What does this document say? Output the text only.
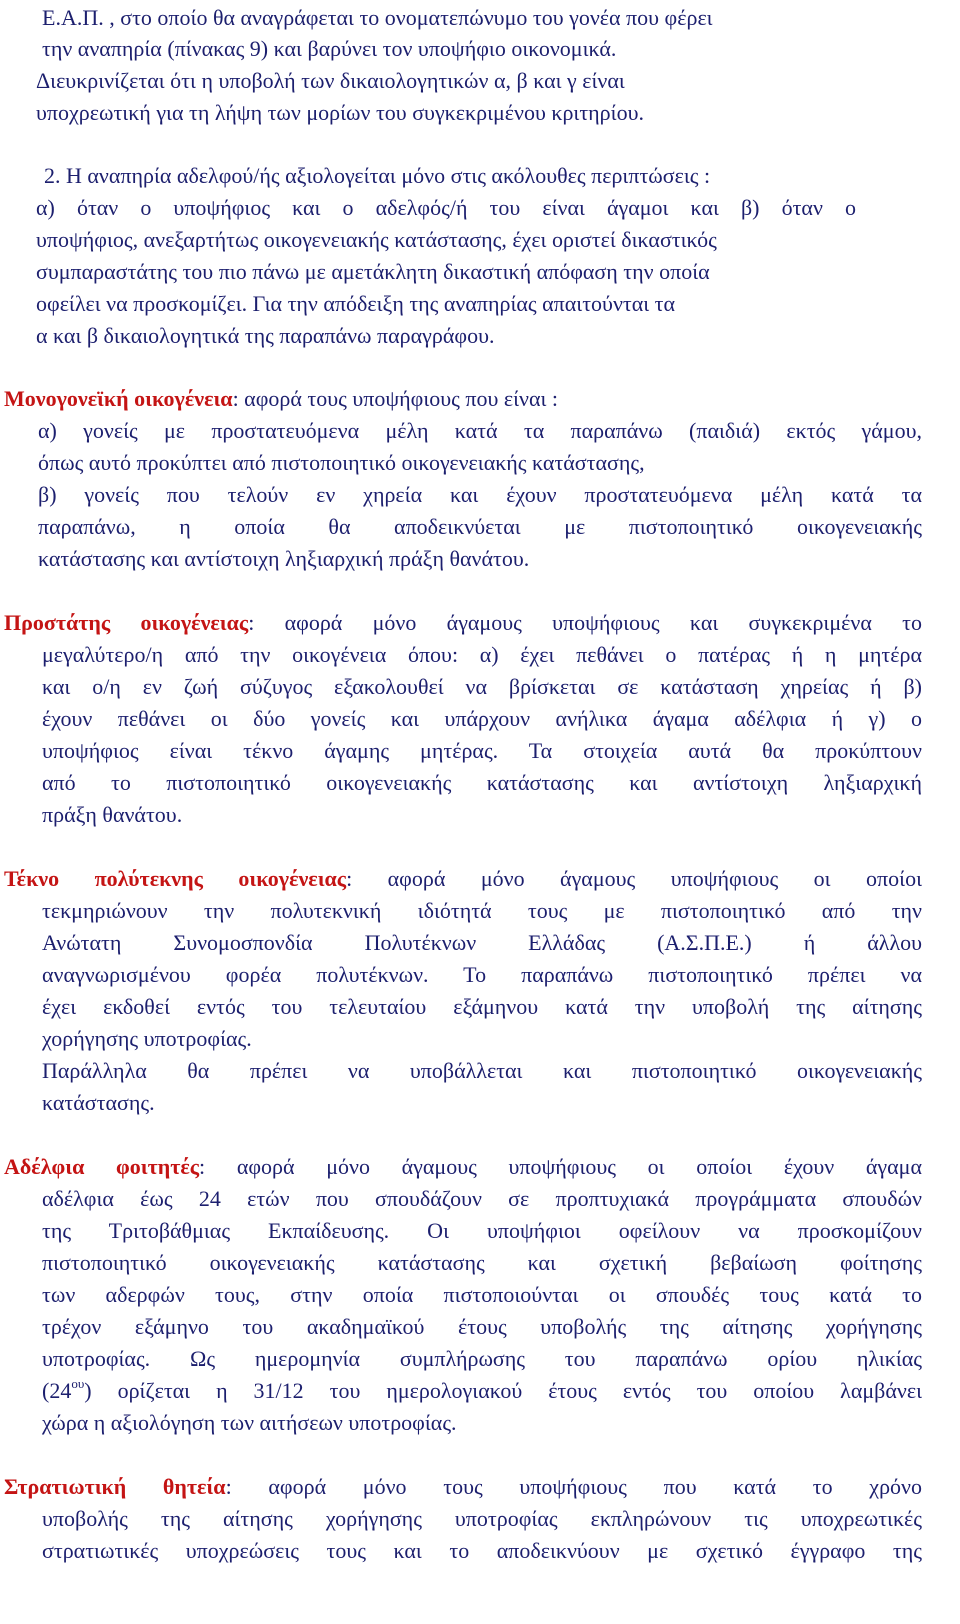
Ε.Α.Π. , στο οποίο θα αναγράφεται το ονοματεπώνυμο του γονέα που φέρει
την αναπηρία (πίνακας 9) και βαρύνει τον υποψήφιο οικονομικά.
Διευκρινίζεται ότι η υποβολή των δικαιολογητικών α, β και γ είναι
υποχρεωτική για τη λήψη των μορίων του συγκεκριμένου κριτηρίου.
2. Η αναπηρία αδελφού/ής αξιολογείται μόνο στις ακόλουθες περιπτώσεις :
α) όταν ο υποψήφιος και ο αδελφός/ή του είναι άγαμοι και β) όταν ο
υποψήφιος, ανεξαρτήτως οικογενειακής κατάστασης, έχει οριστεί δικαστικός
συμπαραστάτης του πιο πάνω με αμετάκλητη δικαστική απόφαση την οποία
οφείλει να προσκομίζει. Για την απόδειξη της αναπηρίας απαιτούνται τα
α και β δικαιολογητικά της παραπάνω παραγράφου.
Μονογονεϊκή οικογένεια: αφορά τους υποψήφιους που είναι :
α) γονείς με προστατευόμενα μέλη κατά τα παραπάνω (παιδιά) εκτός γάμου,
όπως αυτό προκύπτει από πιστοποιητικό οικογενειακής κατάστασης,
β) γονείς που τελούν εν χηρεία και έχουν προστατευόμενα μέλη κατά τα
παραπάνω, η οποία θα αποδεικνύεται με πιστοποιητικό οικογενειακής
κατάστασης και αντίστοιχη ληξιαρχική πράξη θανάτου.
Προστάτης οικογένειας: αφορά μόνο άγαμους υποψήφιους και συγκεκριμένα το
μεγαλύτερο/η από την οικογένεια όπου: α) έχει πεθάνει ο πατέρας ή η μητέρα
και ο/η εν ζωή σύζυγος εξακολουθεί να βρίσκεται σε κατάσταση χηρείας ή β)
έχουν πεθάνει οι δύο γονείς και υπάρχουν ανήλικα άγαμα αδέλφια ή γ) ο
υποψήφιος είναι τέκνο άγαμης μητέρας. Τα στοιχεία αυτά θα προκύπτουν
από το πιστοποιητικό οικογενειακής κατάστασης και αντίστοιχη ληξιαρχική
πράξη θανάτου.
Τέκνο πολύτεκνης οικογένειας: αφορά μόνο άγαμους υποψήφιους οι οποίοι
τεκμηριώνουν την πολυτεκνική ιδιότητά τους με πιστοποιητικό από την
Ανώτατη Συνομοσπονδία Πολυτέκνων Ελλάδας (Α.Σ.Π.Ε.) ή άλλου
αναγνωρισμένου φορέα πολυτέκνων. Το παραπάνω πιστοποιητικό πρέπει να
έχει εκδοθεί εντός του τελευταίου εξάμηνου κατά την υποβολή της αίτησης
χορήγησης υποτροφίας.
Παράλληλα θα πρέπει να υποβάλλεται και πιστοποιητικό οικογενειακής
κατάστασης.
Αδέλφια φοιτητές: αφορά μόνο άγαμους υποψήφιους οι οποίοι έχουν άγαμα
αδέλφια έως 24 ετών που σπουδάζουν σε προπτυχιακά προγράμματα σπουδών
της Τριτοβάθμιας Εκπαίδευσης. Οι υποψήφιοι οφείλουν να προσκομίζουν
πιστοποιητικό οικογενειακής κατάστασης και σχετική βεβαίωση φοίτησης
των αδερφών τους, στην οποία πιστοποιούνται οι σπουδές τους κατά το
τρέχον εξάμηνο του ακαδημαϊκού έτους υποβολής της αίτησης χορήγησης
υποτροφίας. Ως ημερομηνία συμπλήρωσης του παραπάνω ορίου ηλικίας
$(24^{o\upsilon})$ ορίζεται η 31/12 του ημερολογιακού έτους εντός του οποίου λαμβάνει
χώρα η αξιολόγηση των αιτήσεων υποτροφίας.
Στρατιωτική θητεία: αφορά μόνο τους υποψήφιους που κατά το χρόνο
υποβολής της αίτησης χορήγησης υποτροφίας εκπληρώνουν τις υποχρεωτικές
στρατιωτικές υποχρεώσεις τους και το αποδεικνύουν με σχετικό έγγραφο της
